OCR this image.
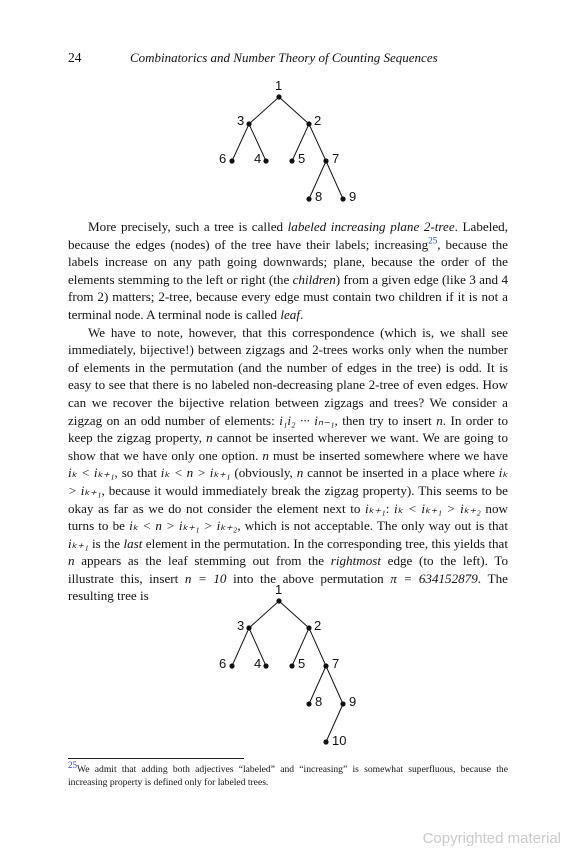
24	Combinatorics and Number Theory of Counting Sequences
1
3	2
6 4	5 7
8 9

More precisely, such a tree is called labeled increasing plane 2-tree. Labeled, because the edges (nodes) of the tree have their labels; increasing$^{25}$, because the labels increase on any path going downwards; plane, because the order of the elements stemming to the left or right (the children) from a given edge (like 3 and 4 from 2) matters; 2-tree, because every edge must contain two children if it is not a terminal node. A terminal node is called leaf.

We have to note, however, that this correspondence (which is, we shall see immediately, bijective!) between zigzags and 2-trees works only when the number of elements in the permutation (and the number of edges in the tree) is odd. It is easy to see that there is no labeled non-decreasing plane 2-tree of even edges. How can we recover the bijective relation between zigzags and trees? We consider a zigzag on an odd number of elements: i₁i₂ ··· iₙ₋₁, then try to insert n. In order to keep the zigzag property, n cannot be inserted wherever we want. We are going to show that we have only one option. n must be inserted somewhere where we have iₖ < iₖ₊₁, so that iₖ < n > iₖ₊₁ (obviously, n cannot be inserted in a place where iₖ > iₖ₊₁, because it would immediately break the zigzag property). This seems to be okay as far as we do not consider the element next to iₖ₊₁: iₖ < iₖ₊₁ > iₖ₊₂ now turns to be iₖ < n > iₖ₊₁ > iₖ₊₂, which is not acceptable. The only way out is that iₖ₊₁ is the last element in the permutation. In the corresponding tree, this yields that n appears as the leaf stemming out from the rightmost edge (to the left). To illustrate this, insert n = 10 into the above permutation π = 634152879. The resulting tree is	1
3	2
6 4	5 7
8 9
10
25We admit that adding both adjectives “labeled” and “increasing” is somewhat superfluous, because the increasing property is defined only for labeled trees.
Copyrighted material
